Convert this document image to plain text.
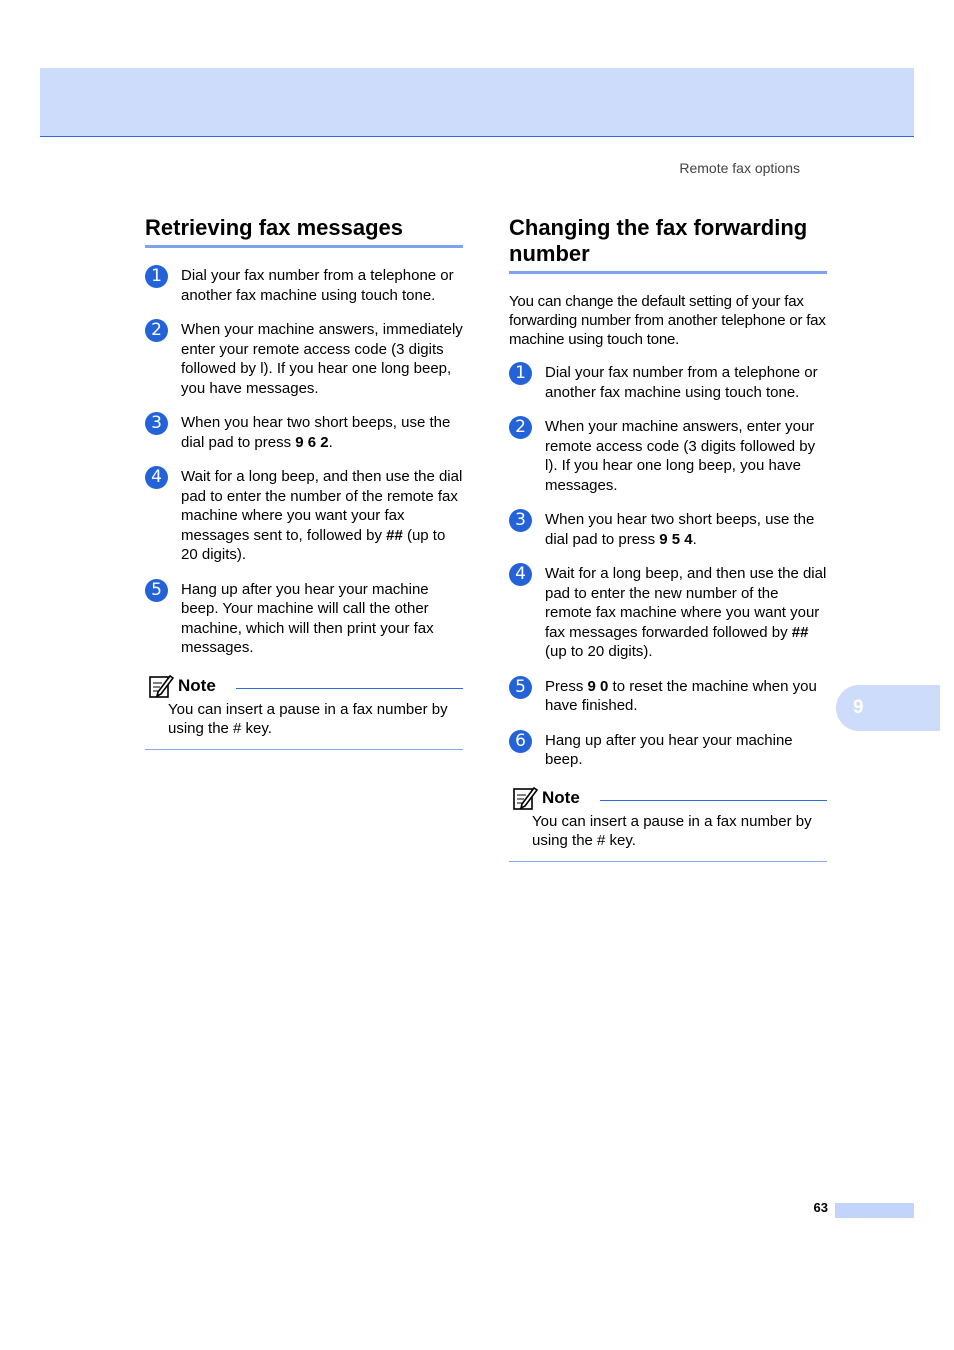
Remote fax options
Retrieving fax messages
1	Dial your fax number from a telephone or another fax machine using touch tone.
2	When your machine answers, immediately enter your remote access code (3 digits followed by l). If you hear one long beep, you have messages.
3	When you hear two short beeps, use the dial pad to press 9 6 2.
4	Wait for a long beep, and then use the dial pad to enter the number of the remote fax machine where you want your fax messages sent to, followed by ## (up to 20 digits).
5	Hang up after you hear your machine beep. Your machine will call the other machine, which will then print your fax messages.
Note
You can insert a pause in a fax number by using the # key.
Changing the fax forwarding number

You can change the default setting of your fax forwarding number from another telephone or fax machine using touch tone.

1	Dial your fax number from a telephone or another fax machine using touch tone.
2	When your machine answers, enter your remote access code (3 digits followed by l). If you hear one long beep, you have messages.
3	When you hear two short beeps, use the dial pad to press 9 5 4.
4	Wait for a long beep, and then use the dial pad to enter the new number of the remote fax machine where you want your fax messages forwarded followed by ## (up to 20 digits).
5	Press 9 0 to reset the machine when you have finished.
6	Hang up after you hear your machine beep.
Note
You can insert a pause in a fax number by using the # key.
9
63
